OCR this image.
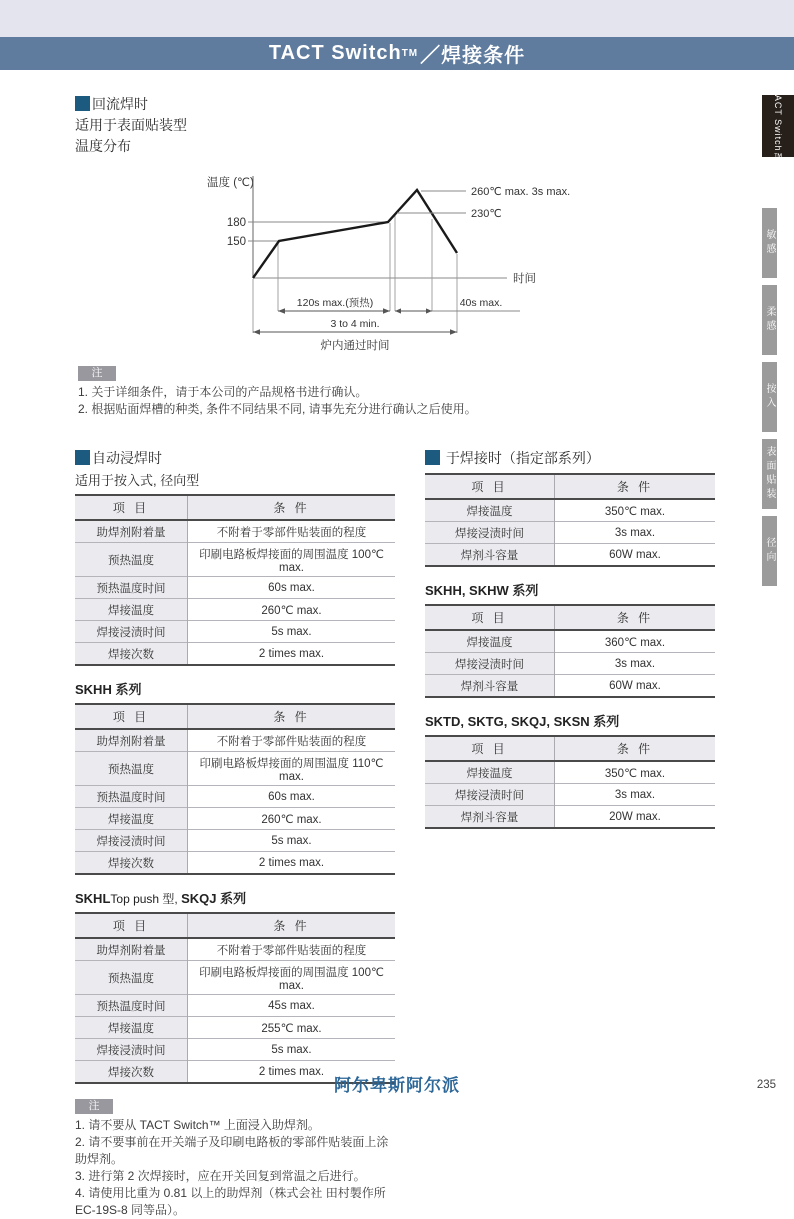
TACT Switch TM ／焊接条件
TACT Switch™
敏感
柔感
按入
表面贴装
径向
回流焊时
适用于表面贴装型
温度分布
温度 (℃)
180
150
时间
260℃ max. 3s max.
230℃
120s max.(预热)	40s max.
3 to 4 min.
炉内通过时间
注
1. 关于详细条件，请于本公司的产品规格书进行确认。
2. 根据贴面焊槽的种类, 条件不同结果不同, 请事先充分进行确认之后使用。
自动浸焊时
适用于按入式, 径向型
项 目	条 件
助焊剂附着量	不附着于零部件贴装面的程度
预热温度	印刷电路板焊接面的周围温度 100℃ max.
预热温度时间	60s max.
焊接温度	260℃ max.
焊接浸渍时间	5s max.
焊接次数	2 times max.
SKHH 系列
项 目	条 件
助焊剂附着量	不附着于零部件贴装面的程度
预热温度	印刷电路板焊接面的周围温度 110℃ max.
预热温度时间	60s max.
焊接温度	260℃ max.
焊接浸渍时间	5s max.
焊接次数	2 times max.
SKHLTop push 型, SKQJ 系列
项 目	条 件
助焊剂附着量	不附着于零部件贴装面的程度
预热温度	印刷电路板焊接面的周围温度 100℃ max.
预热温度时间	45s max.
焊接温度	255℃ max.
焊接浸渍时间	5s max.
焊接次数	2 times max.
注
1. 请不要从 TACT Switch™ 上面浸入助焊剂。
2. 请不要事前在开关端子及印刷电路板的零部件贴装面上涂助焊剂。
3. 进行第 2 次焊接时，应在开关回复到常温之后进行。
4. 请使用比重为 0.81 以上的助焊剂（株式会社 田村製作所 EC-19S-8 同等品）。
于焊接时（指定部系列）
项 目	条 件
焊接温度	350℃ max.
焊接浸渍时间	3s max.
焊剂斗容量	60W max.
SKHH, SKHW 系列
项 目	条 件
焊接温度	360℃ max.
焊接浸渍时间	3s max.
焊剂斗容量	60W max.
SKTD, SKTG, SKQJ, SKSN 系列
项 目	条 件
焊接温度	350℃ max.
焊接浸渍时间	3s max.
焊剂斗容量	20W max.
阿尔卑斯阿尔派	235
